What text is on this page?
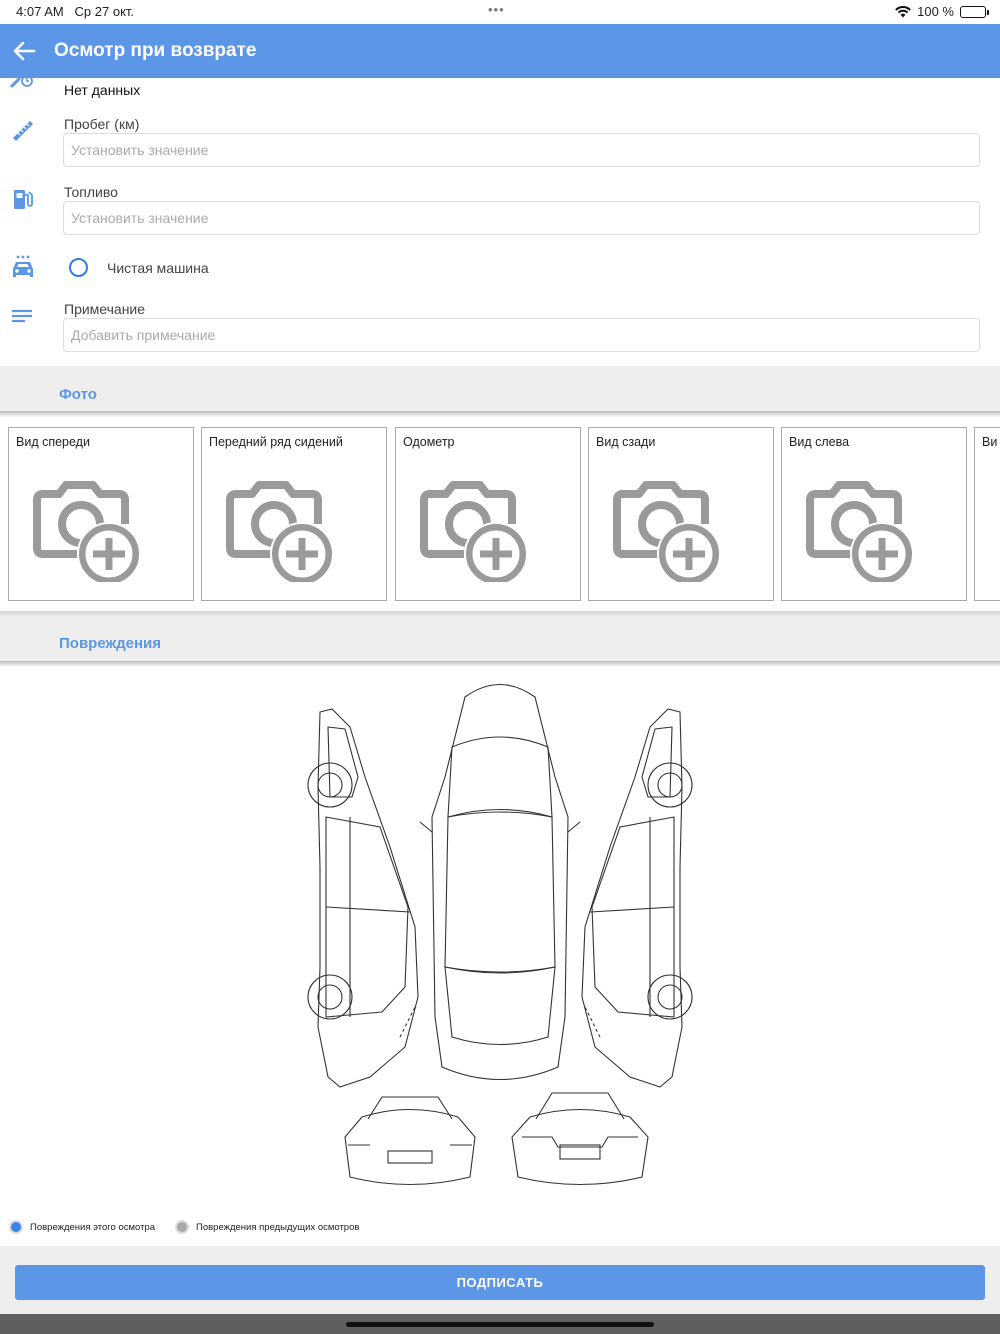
4:07 AM Ср 27 окт.	•••	100 %
Осмотр при возврате
Нет данных
Пробег (км)
Установить значение
Топливо
Установить значение
Чистая машина
Примечание
Добавить примечание
Фото
Вид спереди	Передний ряд сидений	Одометр	Вид сзади	Вид слева	Ви
Повреждения
Повреждения этого осмотра	Повреждения предыдущих осмотров
ПОДПИСАТЬ
